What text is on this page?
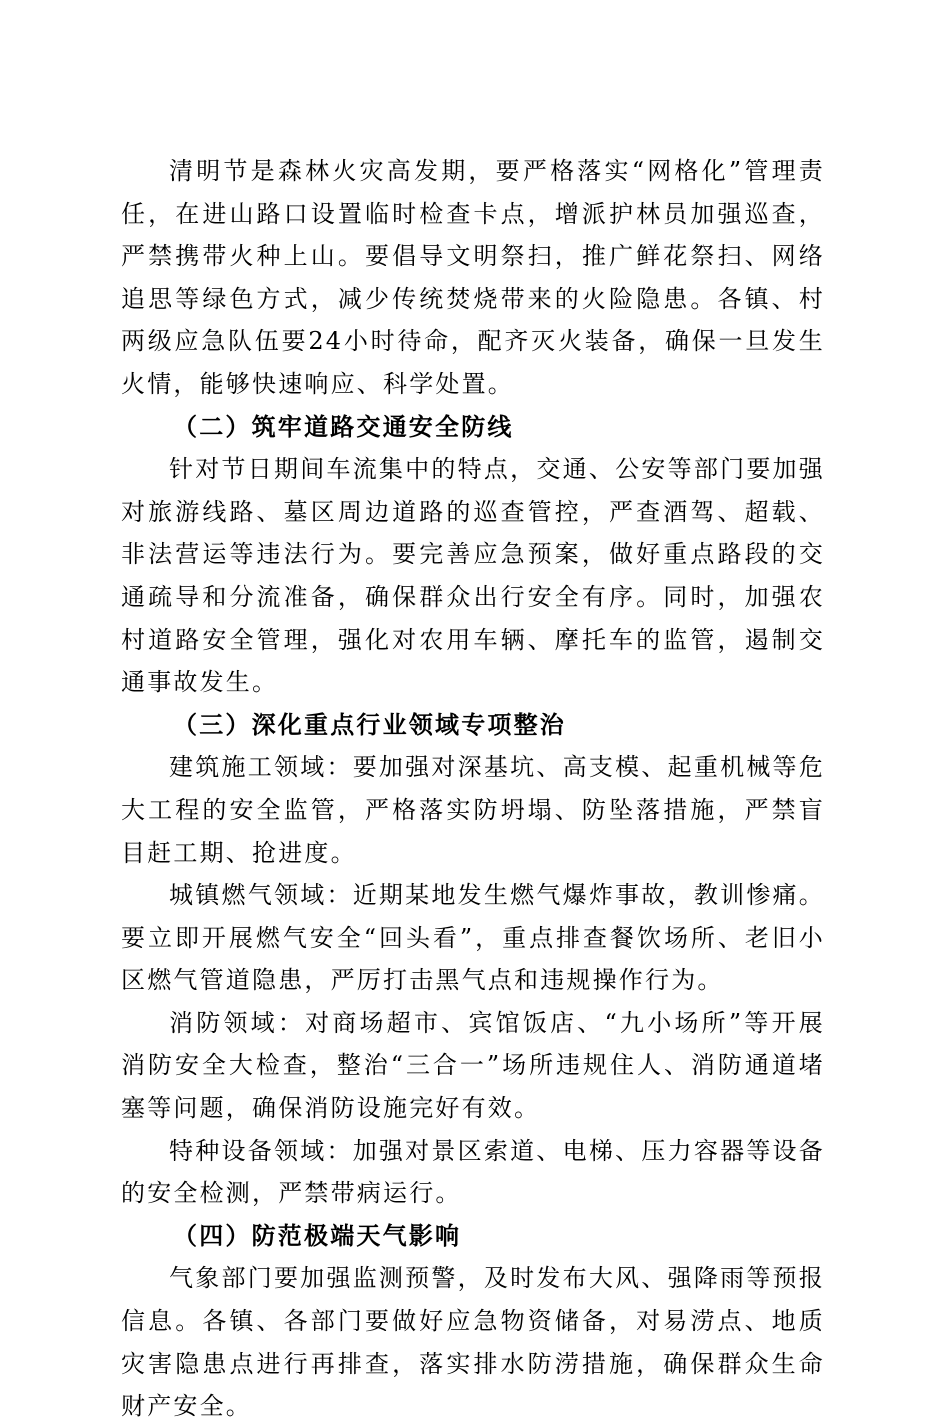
清明节是森林火灾高发期，要严格落实“网格化”管理责任，在进山路口设置临时检查卡点，增派护林员加强巡查，严禁携带火种上山。要倡导文明祭扫，推广鲜花祭扫、网络追思等绿色方式，减少传统焚烧带来的火险隐患。各镇、村两级应急队伍要24小时待命，配齐灭火装备，确保一旦发生火情，能够快速响应、科学处置。

（二）筑牢道路交通安全防线

针对节日期间车流集中的特点，交通、公安等部门要加强对旅游线路、墓区周边道路的巡查管控，严查酒驾、超载、非法营运等违法行为。要完善应急预案，做好重点路段的交通疏导和分流准备，确保群众出行安全有序。同时，加强农村道路安全管理，强化对农用车辆、摩托车的监管，遏制交通事故发生。

（三）深化重点行业领域专项整治

建筑施工领域：要加强对深基坑、高支模、起重机械等危大工程的安全监管，严格落实防坍塌、防坠落措施，严禁盲目赶工期、抢进度。

城镇燃气领域：近期某地发生燃气爆炸事故，教训惨痛。要立即开展燃气安全“回头看”，重点排查餐饮场所、老旧小区燃气管道隐患，严厉打击黑气点和违规操作行为。

消防领域：对商场超市、宾馆饭店、“九小场所”等开展消防安全大检查，整治“三合一”场所违规住人、消防通道堵塞等问题，确保消防设施完好有效。

特种设备领域：加强对景区索道、电梯、压力容器等设备的安全检测，严禁带病运行。

（四）防范极端天气影响

气象部门要加强监测预警，及时发布大风、强降雨等预报信息。各镇、各部门要做好应急物资储备，对易涝点、地质灾害隐患点进行再排查，落实排水防涝措施，确保群众生命财产安全。
